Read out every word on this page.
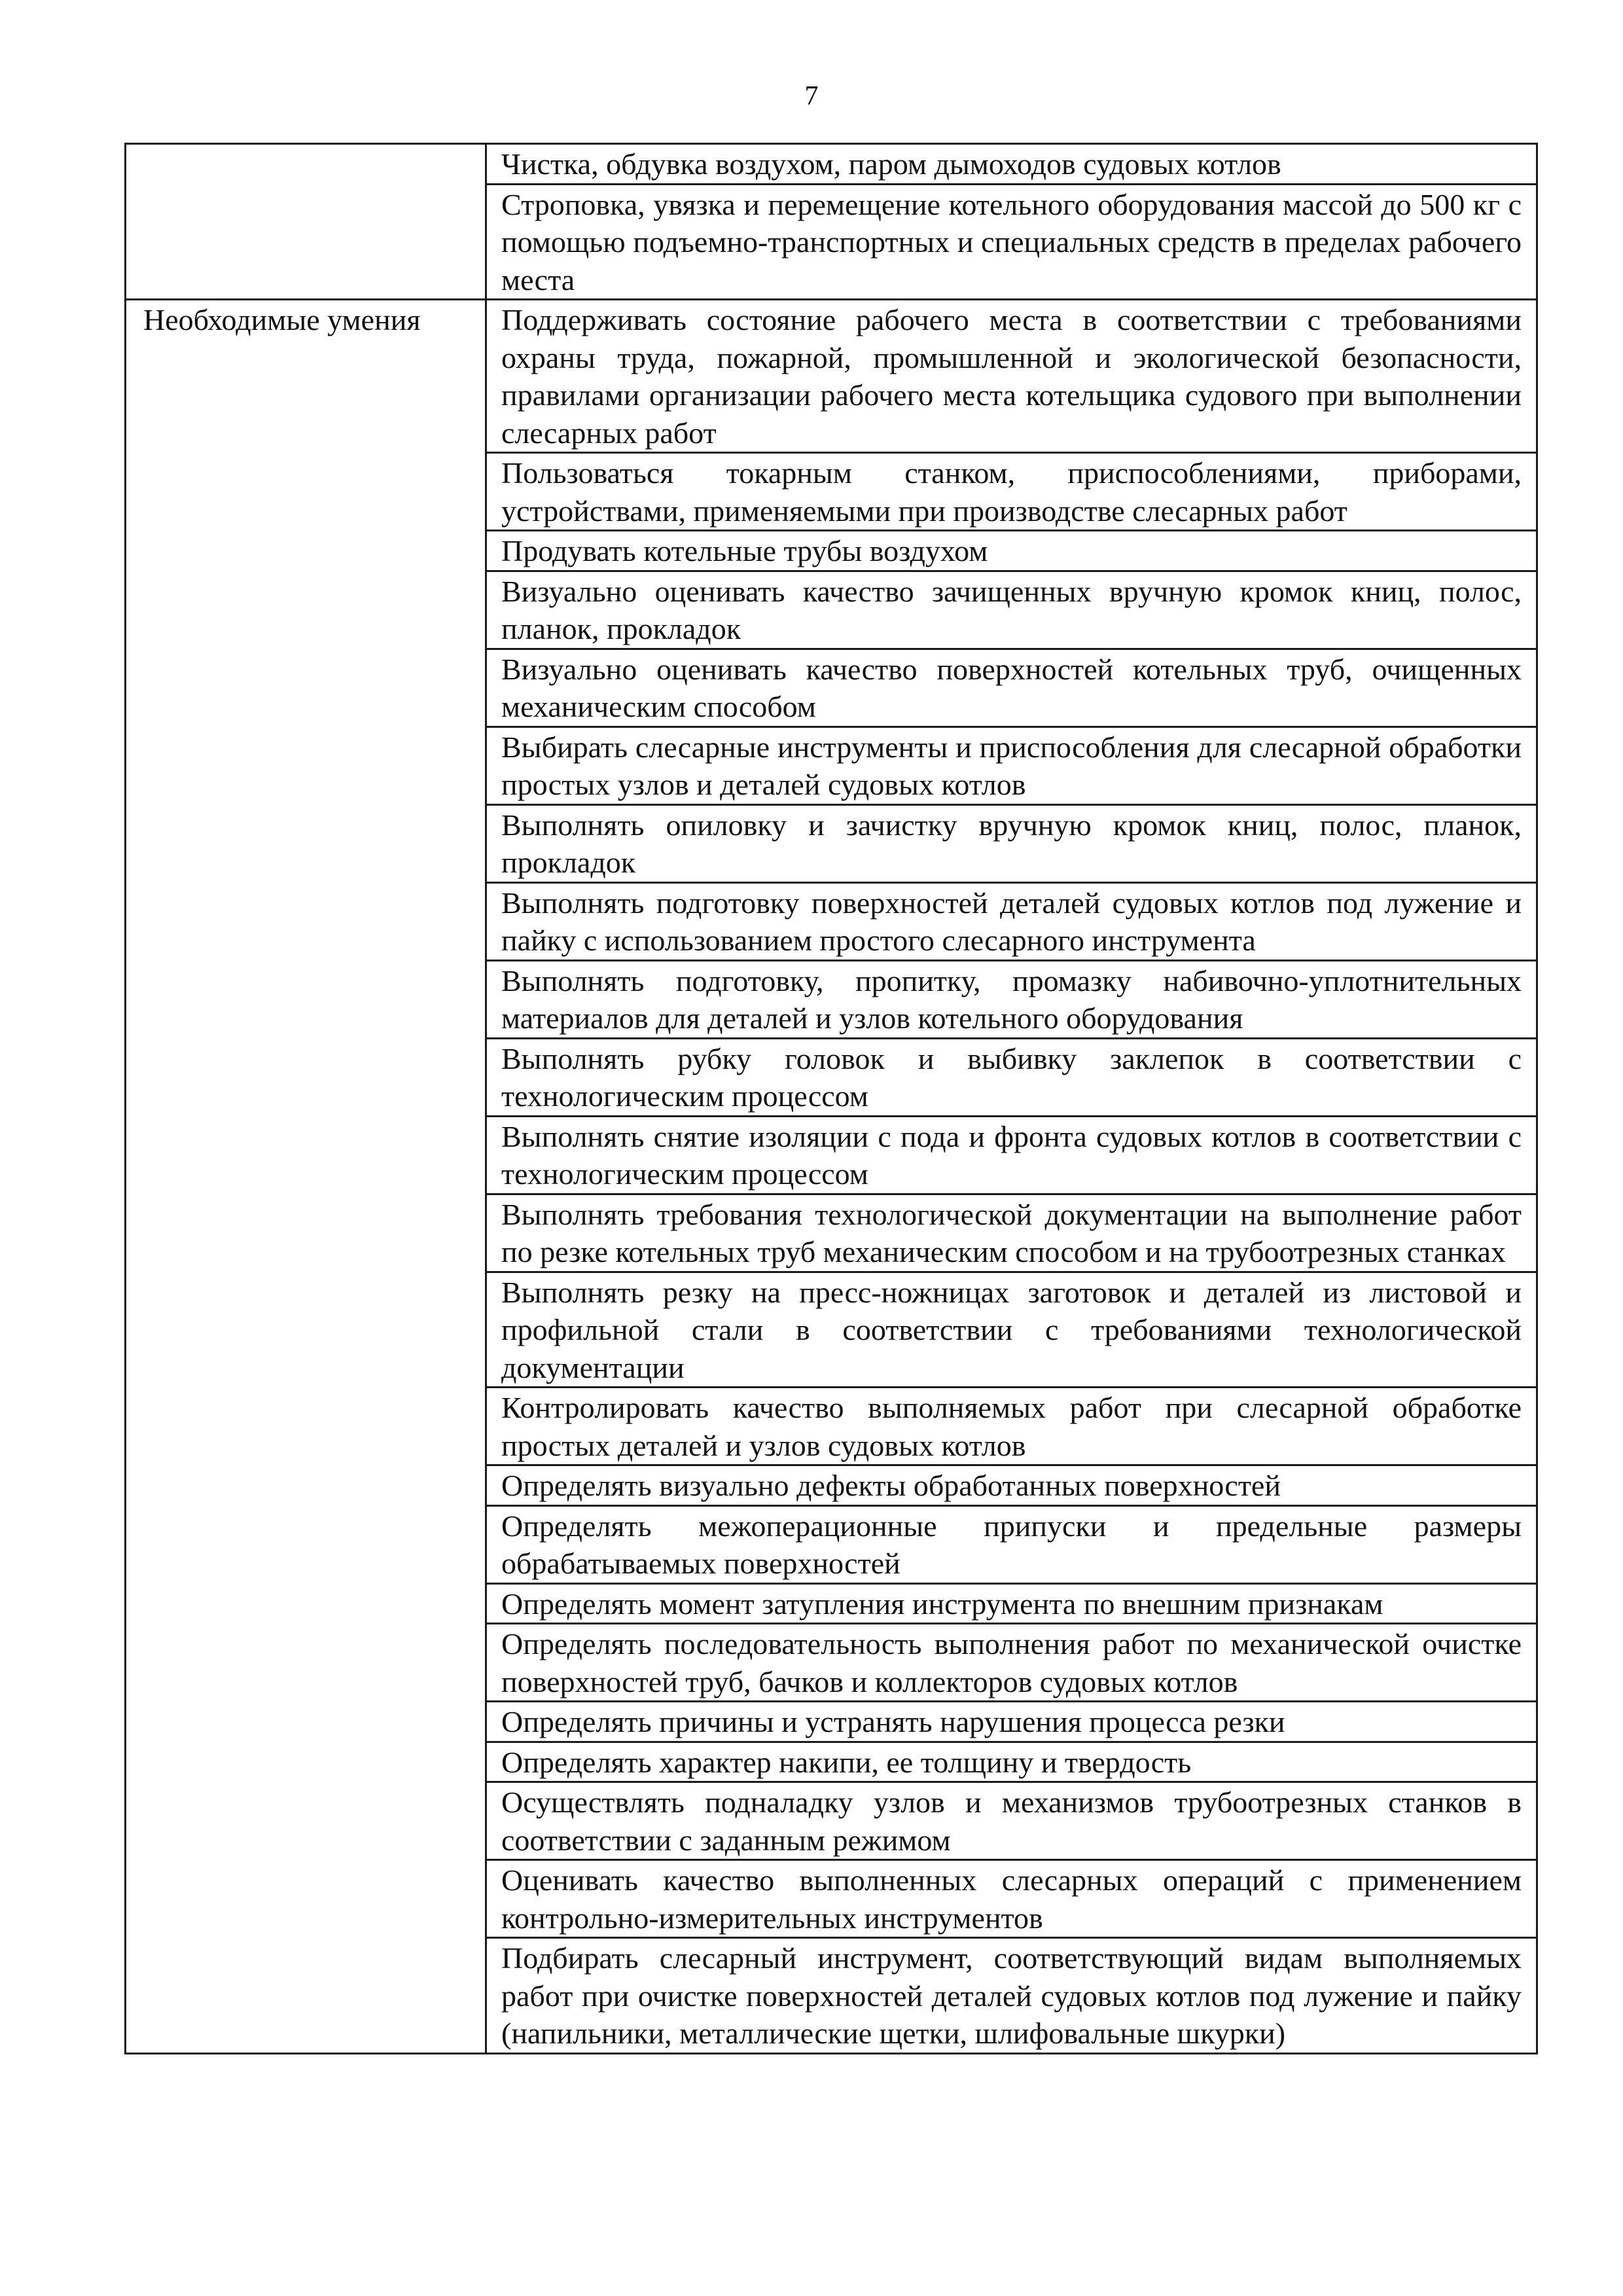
7
	Чистка, обдувка воздухом, паром дымоходов судовых котлов
	Строповка, увязка и перемещение котельного оборудования массой до 500 кг с помощью подъемно-транспортных и специальных средств в пределах рабочего места
Необходимые умения	Поддерживать состояние рабочего места в соответствии с требованиями охраны труда, пожарной, промышленной и экологической безопасности, правилами организации рабочего места котельщика судового при выполнении слесарных работ
	Пользоваться токарным станком, приспособлениями, приборами, устройствами, применяемыми при производстве слесарных работ
	Продувать котельные трубы воздухом
	Визуально оценивать качество зачищенных вручную кромок книц, полос, планок, прокладок
	Визуально оценивать качество поверхностей котельных труб, очищенных механическим способом
	Выбирать слесарные инструменты и приспособления для слесарной обработки простых узлов и деталей судовых котлов
	Выполнять опиловку и зачистку вручную кромок книц, полос, планок, прокладок
	Выполнять подготовку поверхностей деталей судовых котлов под лужение и пайку с использованием простого слесарного инструмента
	Выполнять подготовку, пропитку, промазку набивочно-уплотнительных материалов для деталей и узлов котельного оборудования
	Выполнять рубку головок и выбивку заклепок в соответствии с технологическим процессом
	Выполнять снятие изоляции с пода и фронта судовых котлов в соответствии с технологическим процессом
	Выполнять требования технологической документации на выполнение работ по резке котельных труб механическим способом и на трубоотрезных станках
	Выполнять резку на пресс-ножницах заготовок и деталей из листовой и профильной стали в соответствии с требованиями технологической документации
	Контролировать качество выполняемых работ при слесарной обработке простых деталей и узлов судовых котлов
	Определять визуально дефекты обработанных поверхностей
	Определять межоперационные припуски и предельные размеры обрабатываемых поверхностей
	Определять момент затупления инструмента по внешним признакам
	Определять последовательность выполнения работ по механической очистке поверхностей труб, бачков и коллекторов судовых котлов
	Определять причины и устранять нарушения процесса резки
	Определять характер накипи, ее толщину и твердость
	Осуществлять подналадку узлов и механизмов трубоотрезных станков в соответствии с заданным режимом
	Оценивать качество выполненных слесарных операций с применением контрольно-измерительных инструментов
	Подбирать слесарный инструмент, соответствующий видам выполняемых работ при очистке поверхностей деталей судовых котлов под лужение и пайку (напильники, металлические щетки, шлифовальные шкурки)
